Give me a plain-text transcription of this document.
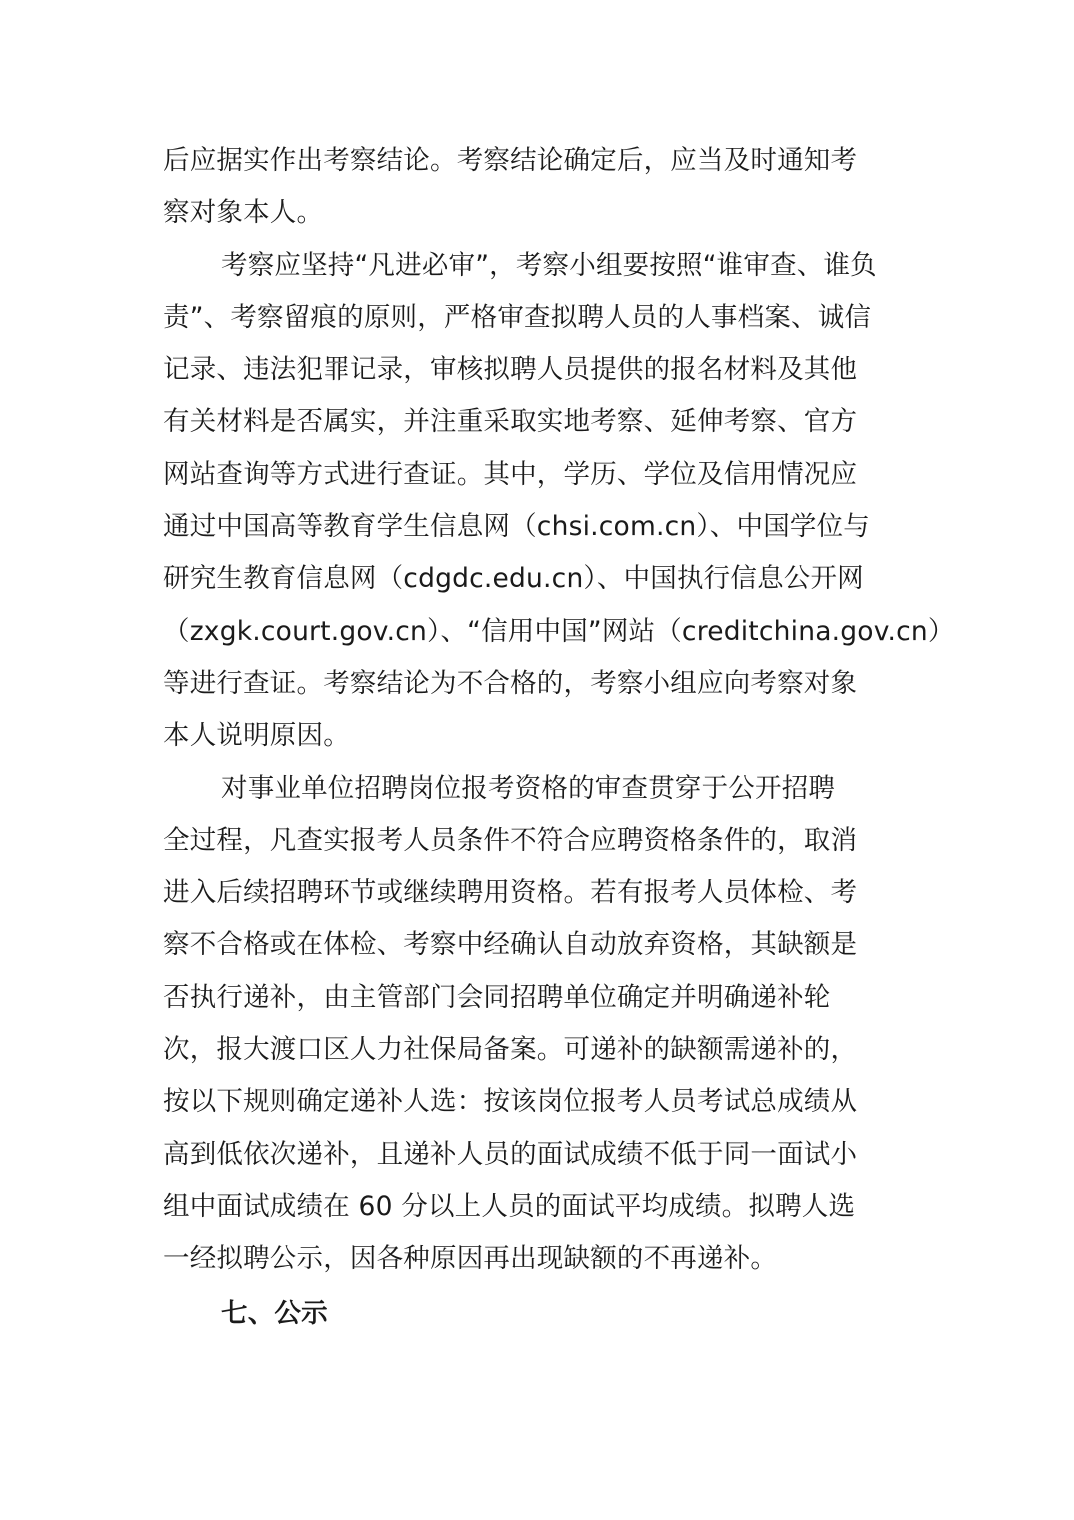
后应据实作出考察结论。考察结论确定后，应当及时通知考
察对象本人。
考察应坚持“凡进必审”，考察小组要按照“谁审查、谁负
责”、考察留痕的原则，严格审查拟聘人员的人事档案、诚信
记录、违法犯罪记录，审核拟聘人员提供的报名材料及其他
有关材料是否属实，并注重采取实地考察、延伸考察、官方
网站查询等方式进行查证。其中，学历、学位及信用情况应
通过中国高等教育学生信息网（chsi.com.cn）、中国学位与
研究生教育信息网（cdgdc.edu.cn）、中国执行信息公开网
（zxgk.court.gov.cn）、“信用中国”网站（creditchina.gov.cn）
等进行查证。考察结论为不合格的，考察小组应向考察对象
本人说明原因。
对事业单位招聘岗位报考资格的审查贯穿于公开招聘
全过程，凡查实报考人员条件不符合应聘资格条件的，取消
进入后续招聘环节或继续聘用资格。若有报考人员体检、考
察不合格或在体检、考察中经确认自动放弃资格，其缺额是
否执行递补，由主管部门会同招聘单位确定并明确递补轮
次，报大渡口区人力社保局备案。可递补的缺额需递补的，
按以下规则确定递补人选：按该岗位报考人员考试总成绩从
高到低依次递补，且递补人员的面试成绩不低于同一面试小
组中面试成绩在 60 分以上人员的面试平均成绩。拟聘人选
一经拟聘公示，因各种原因再出现缺额的不再递补。
七、公示
